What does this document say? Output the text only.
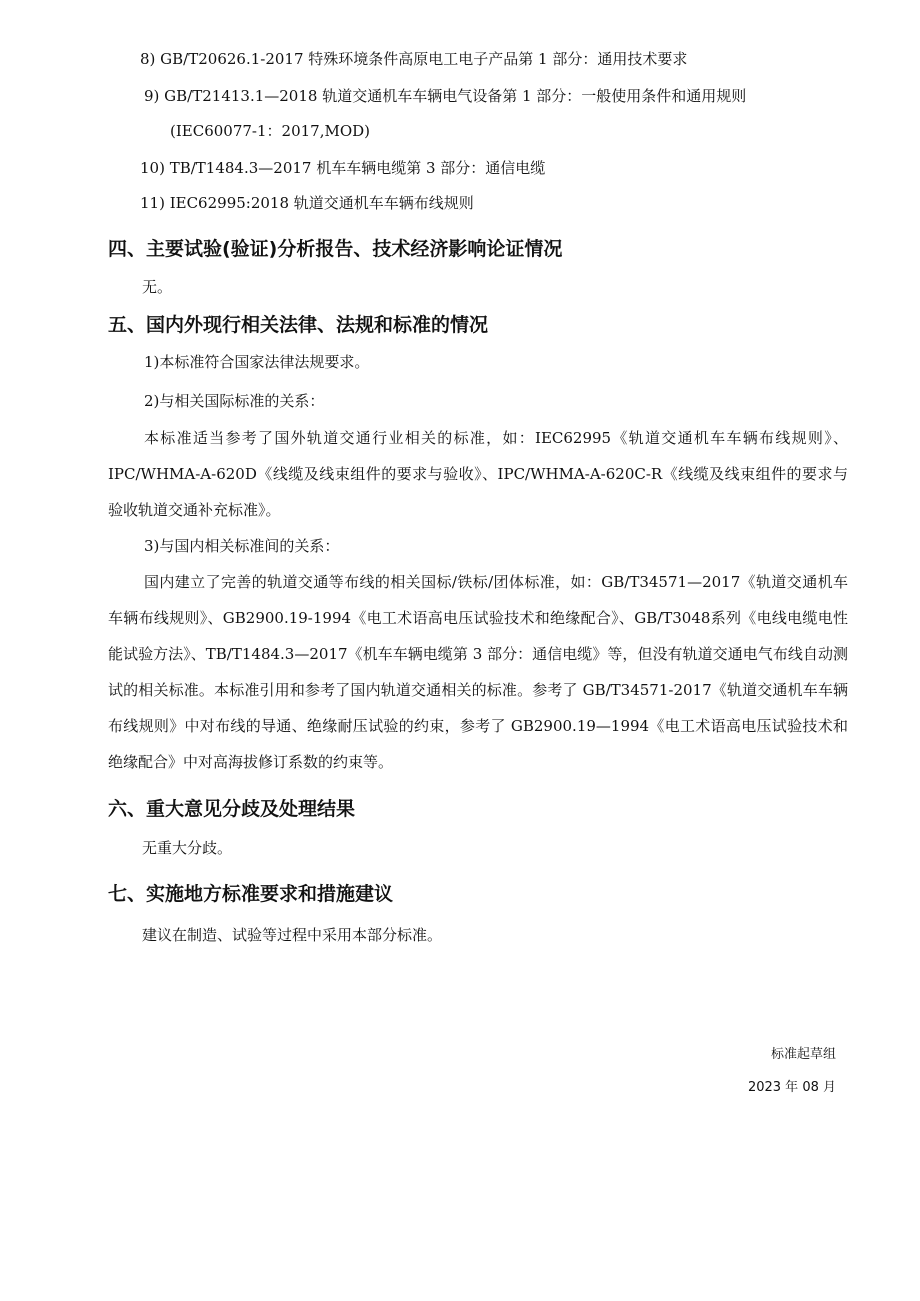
8) GB/T20626.1-2017 特殊环境条件高原电工电子产品第 1 部分：通用技术要求
9) GB/T21413.1—2018 轨道交通机车车辆电气设备第 1 部分：一般使用条件和通用规则
(IEC60077-1：2017,MOD)
10) TB/T1484.3—2017 机车车辆电缆第 3 部分：通信电缆
11) IEC62995:2018 轨道交通机车车辆布线规则
四、主要试验(验证)分析报告、技术经济影响论证情况
无。
五、国内外现行相关法律、法规和标准的情况
1)本标准符合国家法律法规要求。
2)与相关国际标准的关系：
本标准适当参考了国外轨道交通行业相关的标准，如：IEC62995《轨道交通机车车辆布线规则》、IPC/WHMA-A-620D《线缆及线束组件的要求与验收》、IPC/WHMA-A-620C-R《线缆及线束组件的要求与验收轨道交通补充标准》。
3)与国内相关标准间的关系：
国内建立了完善的轨道交通等布线的相关国标/铁标/团体标准，如：GB/T34571—2017《轨道交通机车车辆布线规则》、GB2900.19-1994《电工术语高电压试验技术和绝缘配合》、GB/T3048系列《电线电缆电性能试验方法》、TB/T1484.3—2017《机车车辆电缆第 3 部分：通信电缆》等，但没有轨道交通电气布线自动测试的相关标准。本标准引用和参考了国内轨道交通相关的标准。参考了 GB/T34571-2017《轨道交通机车车辆布线规则》中对布线的导通、绝缘耐压试验的约束，参考了 GB2900.19—1994《电工术语高电压试验技术和绝缘配合》中对高海拔修订系数的约束等。
六、重大意见分歧及处理结果
无重大分歧。
七、实施地方标准要求和措施建议
建议在制造、试验等过程中采用本部分标准。
标准起草组
2023 年 08 月
